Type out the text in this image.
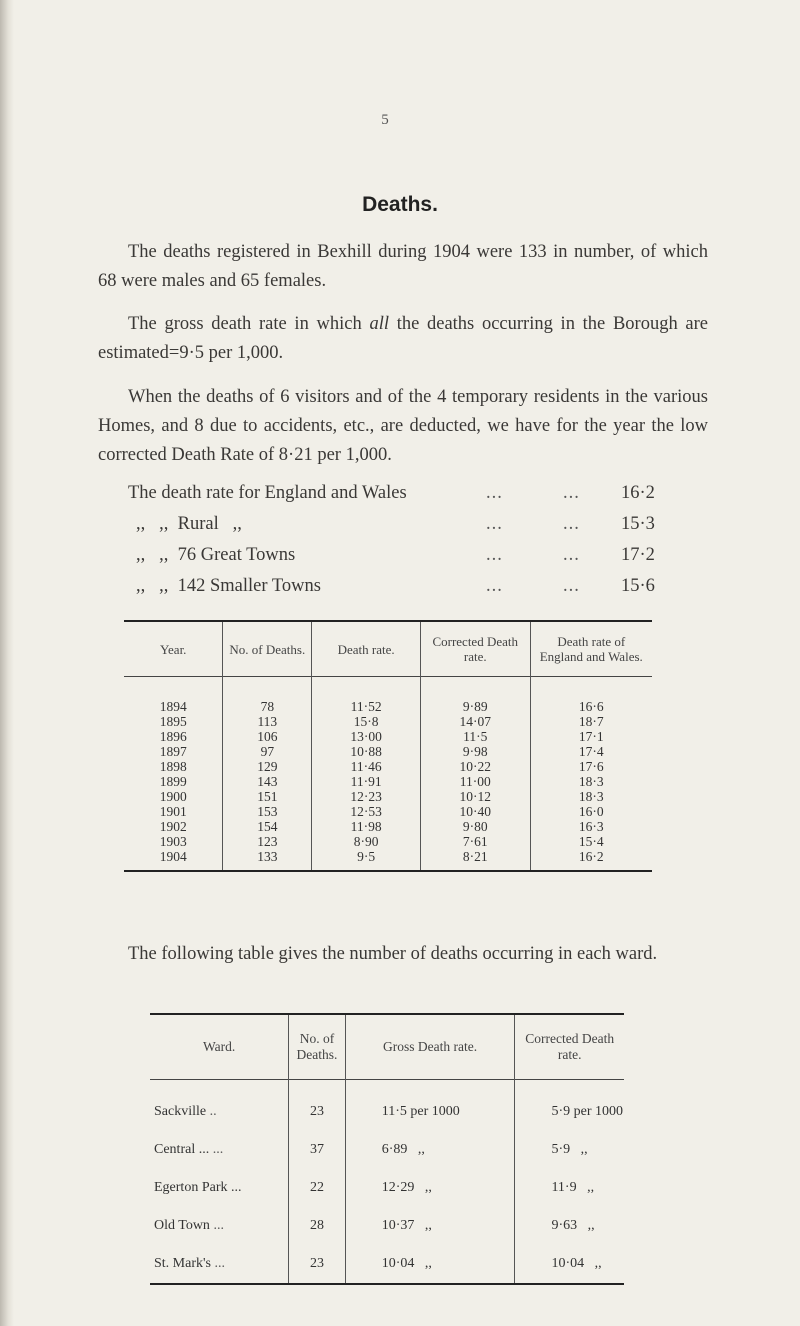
5
Deaths.

The deaths registered in Bexhill during 1904 were 133 in number, of which 68 were males and 65 females.

The gross death rate in which all the deaths occurring in the Borough are estimated=9·5 per 1,000.

When the deaths of 6 visitors and of the 4 temporary residents in the various Homes, and 8 due to accidents, etc., are deducted, we have for the year the low corrected Death Rate of 8·21 per 1,000.

The death rate for England and Wales	...	... 16·2
,,   ,,  Rural   ,,	...	... 15·3
,,   ,,  76 Great Towns	...	... 17·2
,,   ,,  142 Smaller Towns	...	... 15·6
Year.	No. of Deaths.	Death rate.	Corrected Death rate.	Death rate of England and Wales.
1894	78	11·52	9·89	16·6
1895	113	15·8	14·07	18·7
1896	106	13·00	11·5	17·1
1897	97	10·88	9·98	17·4
1898	129	11·46	10·22	17·6
1899	143	11·91	11·00	18·3
1900	151	12·23	10·12	18·3
1901	153	12·53	10·40	16·0
1902	154	11·98	9·80	16·3
1903	123	8·90	7·61	15·4
1904	133	9·5	8·21	16·2

The following table gives the number of deaths occurring in each ward.

Ward.	No. of Deaths.	Gross Death rate.	Corrected Death rate.
Sackville ..	23	11·5 per 1000	5·9 per 1000
Central ... ...	37	6·89   ,,	5·9   ,,
Egerton Park ...	22	12·29   ,,	11·9   ,,
Old Town ...	28	10·37   ,,	9·63   ,,
St. Mark's ...	23	10·04   ,,	10·04   ,,
